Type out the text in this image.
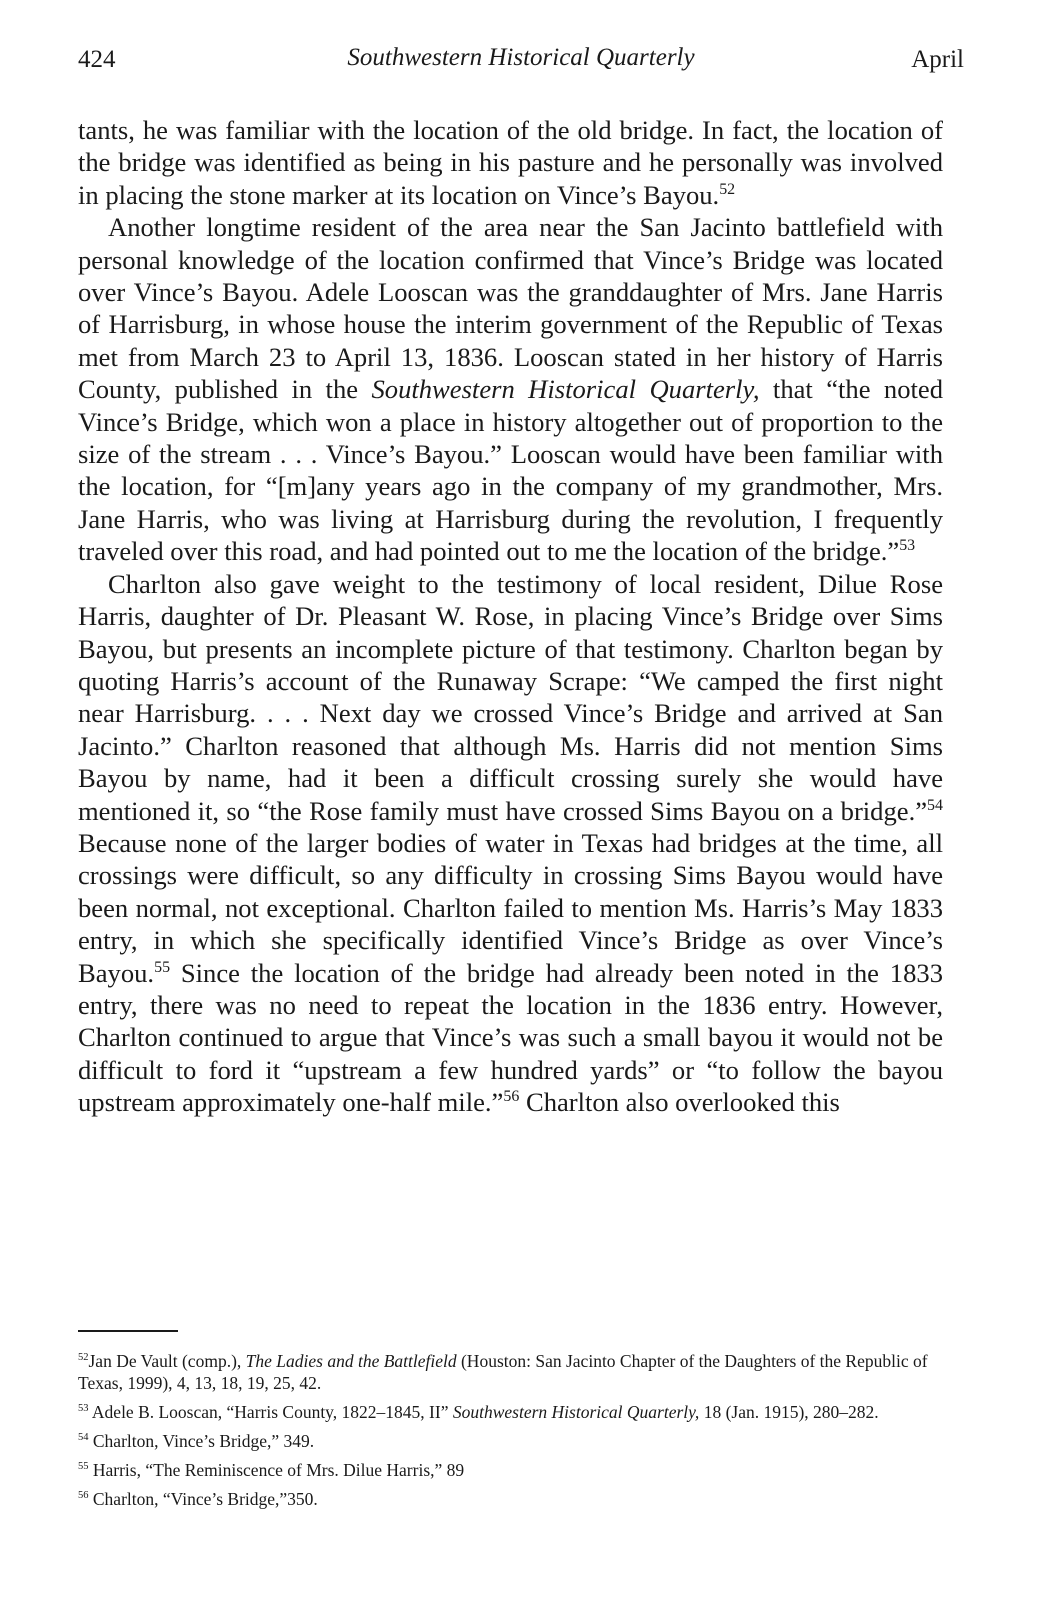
424	Southwestern Historical Quarterly	April

tants, he was familiar with the location of the old bridge. In fact, the location of the bridge was identified as being in his pasture and he personally was involved in placing the stone marker at its location on Vince’s Bayou.$^{52}$

Another longtime resident of the area near the San Jacinto battlefield with personal knowledge of the location confirmed that Vince’s Bridge was located over Vince’s Bayou. Adele Looscan was the granddaughter of Mrs. Jane Harris of Harrisburg, in whose house the interim government of the Republic of Texas met from March 23 to April 13, 1836. Looscan stated in her history of Harris County, published in the Southwestern Historical Quarterly, that “the noted Vince’s Bridge, which won a place in history altogether out of proportion to the size of the stream . . . Vince’s Bayou.” Looscan would have been familiar with the location, for “[m]any years ago in the company of my grandmother, Mrs. Jane Harris, who was living at Harrisburg during the revolution, I frequently traveled over this road, and had pointed out to me the location of the bridge.”$^{53}$

Charlton also gave weight to the testimony of local resident, Dilue Rose Harris, daughter of Dr. Pleasant W. Rose, in placing Vince’s Bridge over Sims Bayou, but presents an incomplete picture of that testimony. Charlton began by quoting Harris’s account of the Runaway Scrape: “We camped the first night near Harrisburg. . . . Next day we crossed Vince’s Bridge and arrived at San Jacinto.” Charlton reasoned that although Ms. Harris did not mention Sims Bayou by name, had it been a difficult crossing surely she would have mentioned it, so “the Rose family must have crossed Sims Bayou on a bridge.”$^{54}$ Because none of the larger bodies of water in Texas had bridges at the time, all crossings were difficult, so any difficulty in crossing Sims Bayou would have been normal, not exceptional. Charlton failed to mention Ms. Harris’s May 1833 entry, in which she specifically identified Vince’s Bridge as over Vince’s Bayou.$^{55}$ Since the location of the bridge had already been noted in the 1833 entry, there was no need to repeat the location in the 1836 entry. However, Charlton continued to argue that Vince’s was such a small bayou it would not be difficult to ford it “upstream a few hundred yards” or “to follow the bayou upstream approximately one-half mile.”$^{56}$ Charlton also overlooked this

$^{52}$Jan De Vault (comp.), The Ladies and the Battlefield (Houston: San Jacinto Chapter of the Daughters of the Republic of Texas, 1999), 4, 13, 18, 19, 25, 42.

$^{53}$ Adele B. Looscan, “Harris County, 1822–1845, II” Southwestern Historical Quarterly, 18 (Jan. 1915), 280–282.

$^{54}$ Charlton, Vince’s Bridge,” 349.

$^{55}$ Harris, “The Reminiscence of Mrs. Dilue Harris,” 89

$^{56}$ Charlton, “Vince’s Bridge,”350.
